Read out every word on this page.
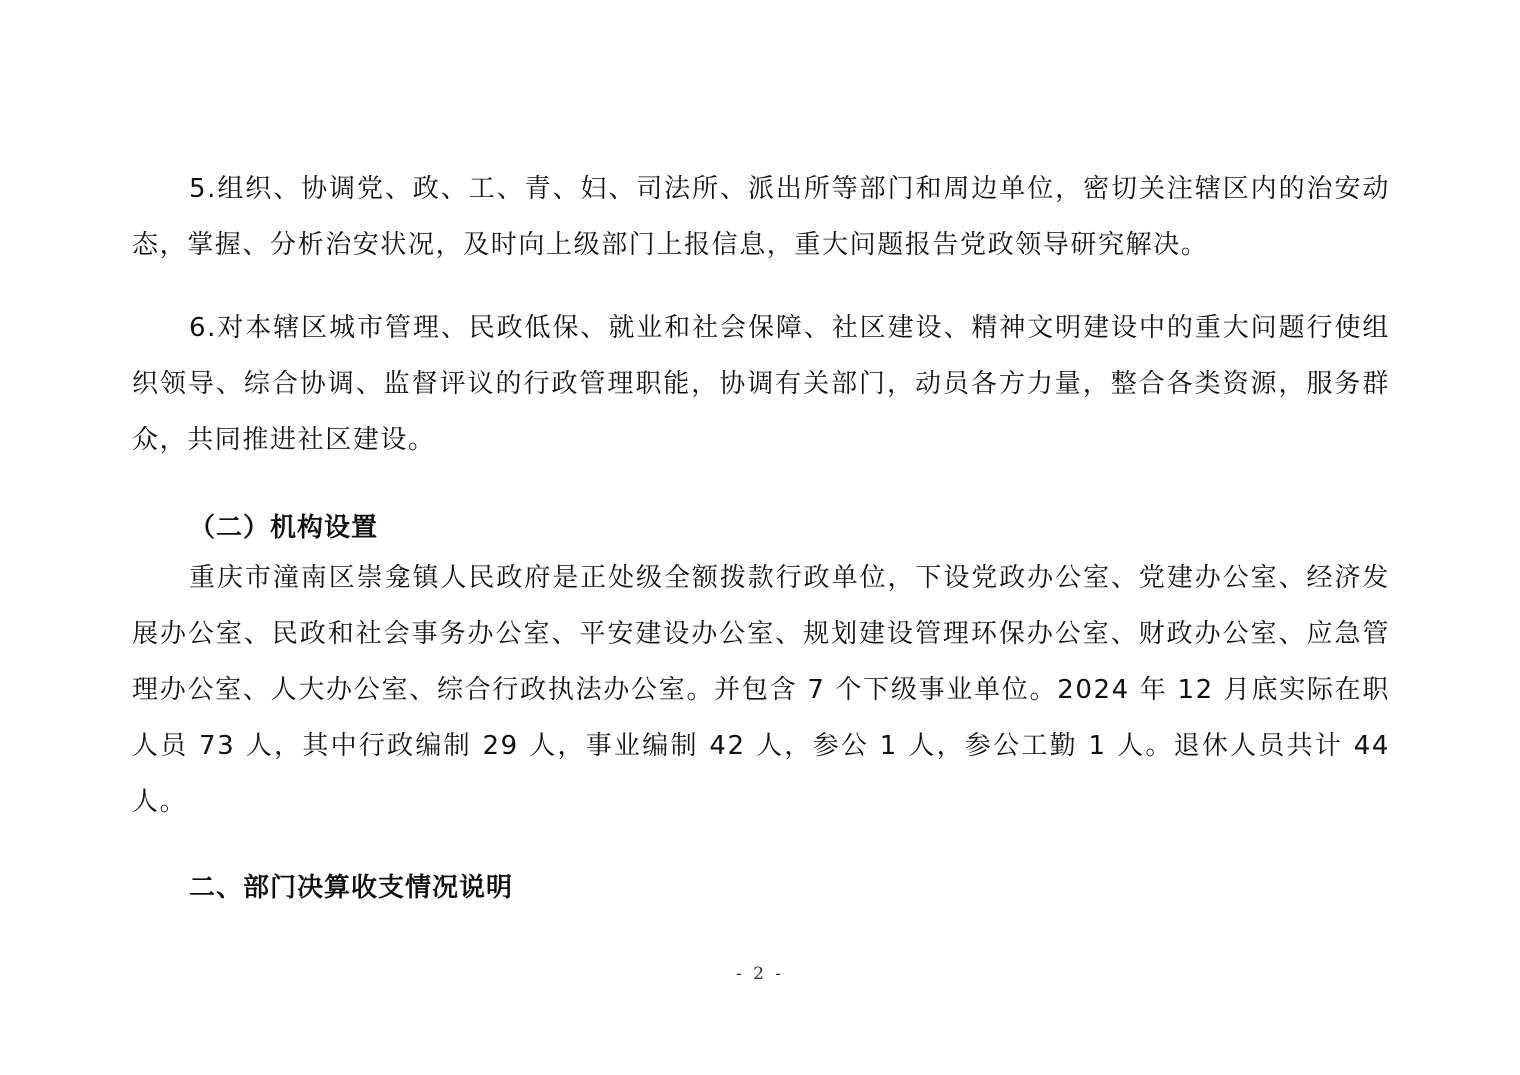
5.组织、协调党、政、工、青、妇、司法所、派出所等部门和周边单位，密切关注辖区内的治安动态，掌握、分析治安状况，及时向上级部门上报信息，重大问题报告党政领导研究解决。

6.对本辖区城市管理、民政低保、就业和社会保障、社区建设、精神文明建设中的重大问题行使组织领导、综合协调、监督评议的行政管理职能，协调有关部门，动员各方力量，整合各类资源，服务群众，共同推进社区建设。

（二）机构设置

重庆市潼南区崇龛镇人民政府是正处级全额拨款行政单位，下设党政办公室、党建办公室、经济发展办公室、民政和社会事务办公室、平安建设办公室、规划建设管理环保办公室、财政办公室、应急管理办公室、人大办公室、综合行政执法办公室。并包含 7 个下级事业单位。2024 年 12 月底实际在职人员 73 人，其中行政编制 29 人，事业编制 42 人，参公 1 人，参公工勤 1 人。退休人员共计 44 人。

二、部门决算收支情况说明
- 2 -
